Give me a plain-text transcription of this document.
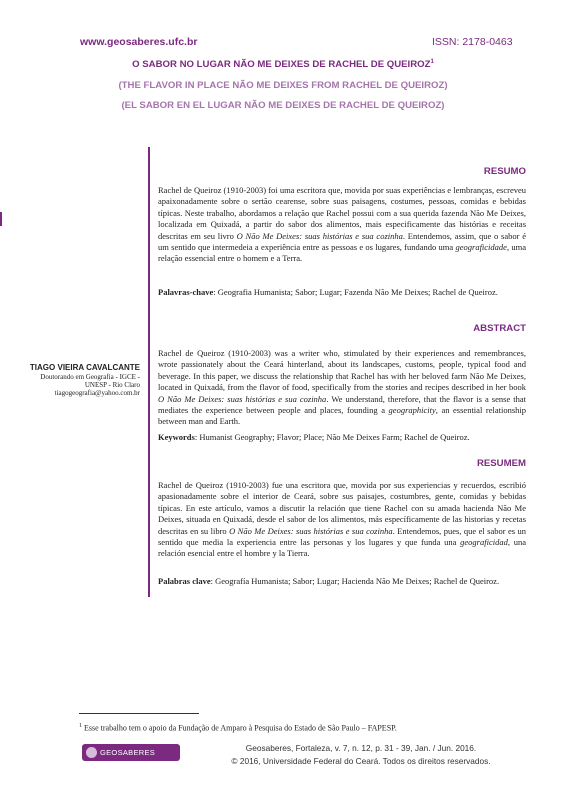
www.geosaberes.ufc.br	ISSN: 2178-0463
O SABOR NO LUGAR NÃO ME DEIXES DE RACHEL DE QUEIROZ$^1$
(THE FLAVOR IN PLACE NÃO ME DEIXES FROM RACHEL DE QUEIROZ)
(EL SABOR EN EL LUGAR NÃO ME DEIXES DE RACHEL DE QUEIROZ)
TIAGO VIEIRA CAVALCANTE
Doutorando em Geografia - IGCE -
UNESP - Rio Claro
tiagogeografia@yahoo.com.br
RESUMO

Rachel de Queiroz (1910-2003) foi uma escritora que, movida por suas experiências e lembranças, escreveu apaixonadamente sobre o sertão cearense, sobre suas paisagens, costumes, pessoas, comidas e bebidas típicas. Neste trabalho, abordamos a relação que Rachel possui com a sua querida fazenda Não Me Deixes, localizada em Quixadá, a partir do sabor dos alimentos, mais especificamente das histórias e receitas descritas em seu livro O Não Me Deixes: suas histórias e sua cozinha. Entendemos, assim, que o sabor é um sentido que intermedeia a experiência entre as pessoas e os lugares, fundando uma geograficidade, uma relação essencial entre o homem e a Terra.

Palavras-chave: Geografia Humanista; Sabor; Lugar; Fazenda Não Me Deixes; Rachel de Queiroz.

ABSTRACT

Rachel de Queiroz (1910-2003) was a writer who, stimulated by their experiences and remembrances, wrote passionately about the Ceará hinterland, about its landscapes, customs, people, typical food and beverage. In this paper, we discuss the relationship that Rachel has with her beloved farm Não Me Deixes, located in Quixadá, from the flavor of food, specifically from the stories and recipes described in her book O Não Me Deixes: suas histórias e sua cozinha. We understand, therefore, that the flavor is a sense that mediates the experience between people and places, founding a geographicity, an essential relationship between man and Earth.

Keywords: Humanist Geography; Flavor; Place; Não Me Deixes Farm; Rachel de Queiroz.

RESUMEM

Rachel de Queiroz (1910-2003) fue una escritora que, movida por sus experiencias y recuerdos, escribió apasionadamente sobre el interior de Ceará, sobre sus paisajes, costumbres, gente, comidas y bebidas típicas. En este artículo, vamos a discutir la relación que tiene Rachel con su amada hacienda Não Me Deixes, situada en Quixadá, desde el sabor de los alimentos, más específicamente de las historias y recetas descritas en su libro O Não Me Deixes: suas histórias e sua cozinha. Entendemos, pues, que el sabor es un sentido que media la experiencia entre las personas y los lugares y que funda una geograficidad, una relación esencial entre el hombre y la Tierra.

Palabras clave: Geografía Humanista; Sabor; Lugar; Hacienda Não Me Deixes; Rachel de Queiroz.

$^1$ Esse trabalho tem o apoio da Fundação de Amparo à Pesquisa do Estado de São Paulo – FAPESP.
GEOSABERES	Geosaberes, Fortaleza, v. 7, n. 12, p. 31 - 39, Jan. / Jun. 2016.
© 2016, Universidade Federal do Ceará. Todos os direitos reservados.
